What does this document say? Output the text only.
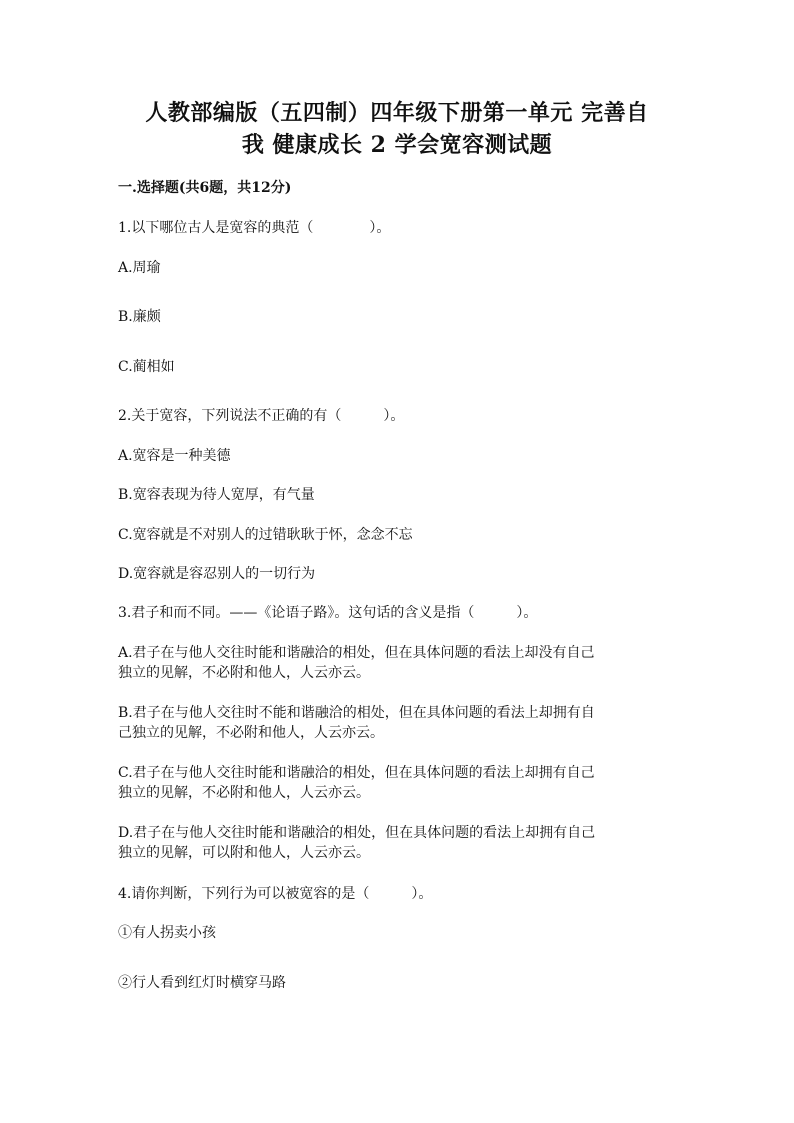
人教部编版（五四制）四年级下册第一单元 完善自
我 健康成长 2 学会宽容测试题
一.选择题(共6题，共12分)
1.以下哪位古人是宽容的典范（　　　　）。
A.周瑜
B.廉颇
C.蔺相如
2.关于宽容，下列说法不正确的有（　　　）。
A.宽容是一种美德
B.宽容表现为待人宽厚，有气量
C.宽容就是不对别人的过错耿耿于怀，念念不忘
D.宽容就是容忍别人的一切行为
3.君子和而不同。——《论语子路》。这句话的含义是指（　　　）。
A.君子在与他人交往时能和谐融洽的相处，但在具体问题的看法上却没有自己
独立的见解，不必附和他人，人云亦云。
B.君子在与他人交往时不能和谐融洽的相处，但在具体问题的看法上却拥有自
己独立的见解，不必附和他人，人云亦云。
C.君子在与他人交往时能和谐融洽的相处，但在具体问题的看法上却拥有自己
独立的见解，不必附和他人，人云亦云。
D.君子在与他人交往时能和谐融洽的相处，但在具体问题的看法上却拥有自己
独立的见解，可以附和他人，人云亦云。
4.请你判断，下列行为可以被宽容的是（　　　）。
①有人拐卖小孩
②行人看到红灯时横穿马路
